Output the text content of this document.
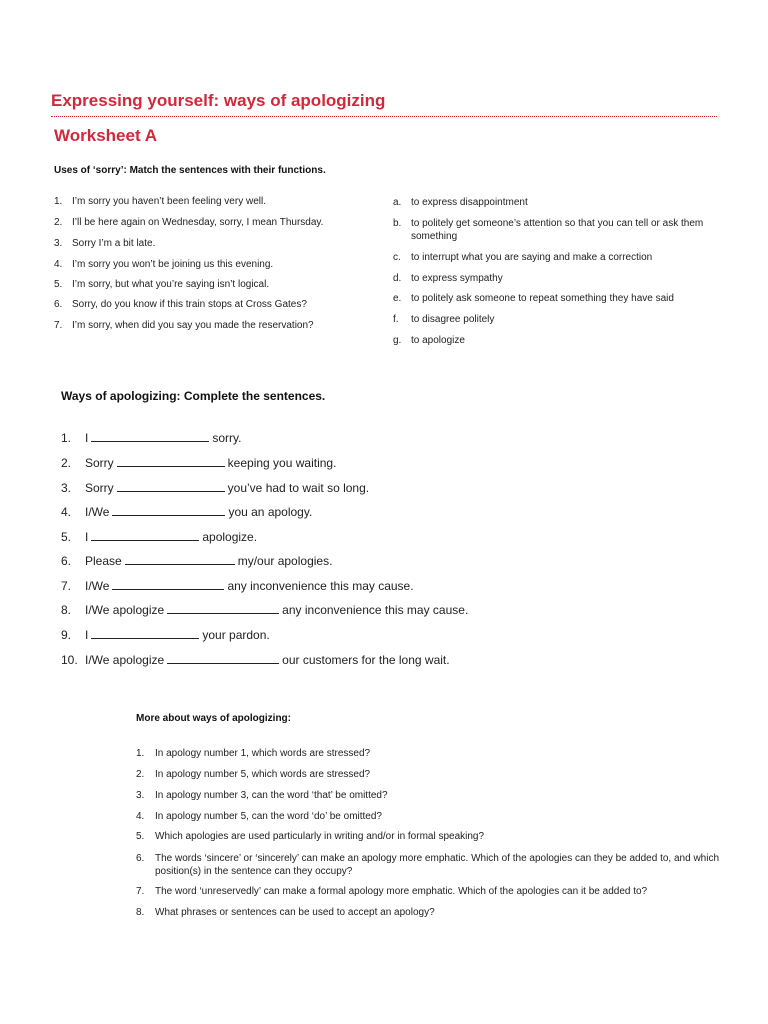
Expressing yourself: ways of apologizing
Worksheet A
Uses of ‘sorry’: Match the sentences with their functions.
1. I’m sorry you haven’t been feeling very well.
2. I’ll be here again on Wednesday, sorry, I mean Thursday.
3. Sorry I’m a bit late.
4. I’m sorry you won’t be joining us this evening.
5. I’m sorry, but what you’re saying isn’t logical.
6. Sorry, do you know if this train stops at Cross Gates?
7. I’m sorry, when did you say you made the reservation?
a. to express disappointment
b. to politely get someone’s attention so that you can tell or ask them something
c. to interrupt what you are saying and make a correction
d. to express sympathy
e. to politely ask someone to repeat something they have said
f. to disagree politely
g. to apologize
Ways of apologizing: Complete the sentences.
1. I	sorry.
2. Sorry	keeping you waiting.
3. Sorry	you’ve had to wait so long.
4. I/We	you an apology.
5. I	apologize.
6. Please	my/our apologies.
7. I/We	any inconvenience this may cause.
8. I/We apologize	any inconvenience this may cause.
9. I	your pardon.
10. I/We apologize	our customers for the long wait.
More about ways of apologizing:
1. In apology number 1, which words are stressed?
2. In apology number 5, which words are stressed?
3. In apology number 3, can the word ‘that’ be omitted?
4. In apology number 5, can the word ‘do’ be omitted?
5. Which apologies are used particularly in writing and/or in formal speaking?
6. The words ‘sincere’ or ‘sincerely’ can make an apology more emphatic. Which of the apologies can they be added to, and which position(s) in the sentence can they occupy?
7. The word ‘unreservedly’ can make a formal apology more emphatic. Which of the apologies can it be added to?
8. What phrases or sentences can be used to accept an apology?
